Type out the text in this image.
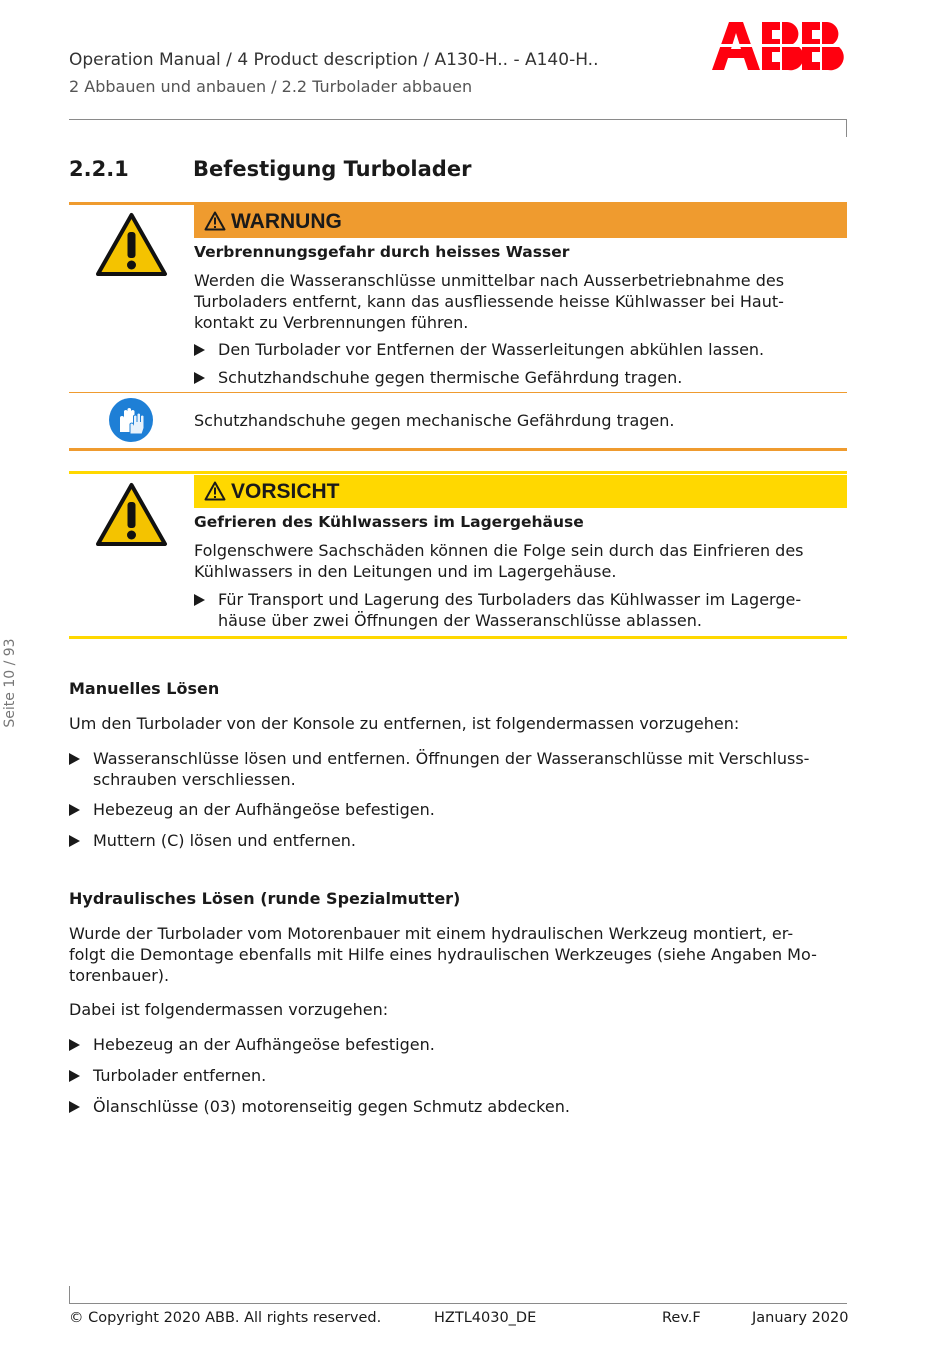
Operation Manual / 4 Product description / A130-H.. - A140-H..
2 Abbauen und anbauen / 2.2 Turbolader abbauen
2.2.1	Befestigung Turbolader
WARNUNG
Verbrennungsgefahr durch heisses Wasser
Werden die Wasseranschlüsse unmittelbar nach Ausserbetriebnahme des
Turboladers entfernt, kann das ausfliessende heisse Kühlwasser bei Haut-
kontakt zu Verbrennungen führen.
Den Turbolader vor Entfernen der Wasserleitungen abkühlen lassen.
Schutzhandschuhe gegen thermische Gefährdung tragen.
Schutzhandschuhe gegen mechanische Gefährdung tragen.
VORSICHT
Gefrieren des Kühlwassers im Lagergehäuse
Folgenschwere Sachschäden können die Folge sein durch das Einfrieren des
Kühlwassers in den Leitungen und im Lagergehäuse.
Für Transport und Lagerung des Turboladers das Kühlwasser im Lagerge-
häuse über zwei Öffnungen der Wasseranschlüsse ablassen.
Manuelles Lösen
Um den Turbolader von der Konsole zu entfernen, ist folgendermassen vorzugehen:
Wasseranschlüsse lösen und entfernen. Öffnungen der Wasseranschlüsse mit Verschluss-
schrauben verschliessen.
Hebezeug an der Aufhängeöse befestigen.
Muttern (C) lösen und entfernen.
Hydraulisches Lösen (runde Spezialmutter)
Wurde der Turbolader vom Motorenbauer mit einem hydraulischen Werkzeug montiert, er-
folgt die Demontage ebenfalls mit Hilfe eines hydraulischen Werkzeuges (siehe Angaben Mo-
torenbauer).
Dabei ist folgendermassen vorzugehen:
Hebezeug an der Aufhängeöse befestigen.
Turbolader entfernen.
Ölanschlüsse (03) motorenseitig gegen Schmutz abdecken.
Seite 10 / 93
© Copyright 2020 ABB. All rights reserved.	HZTL4030_DE	Rev.F	January 2020
